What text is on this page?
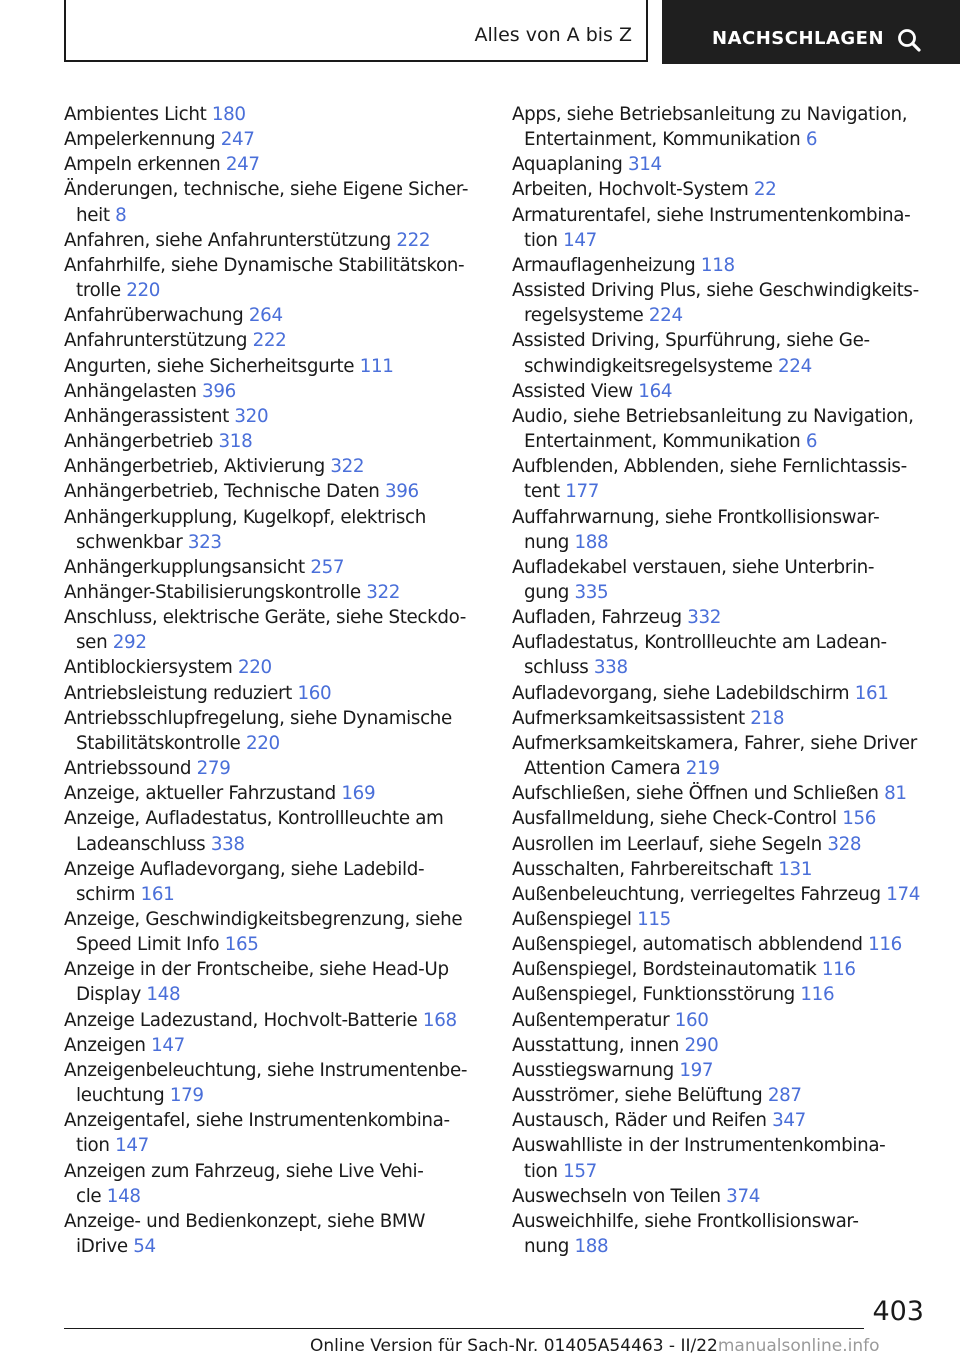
Alles von A bis Z	NACHSCHLAGEN
Ambientes Licht 180
Ampelerkennung 247
Ampeln erkennen 247
Änderungen, technische, siehe Eigene Sicher-
heit 8
Anfahren, siehe Anfahrunterstützung 222
Anfahrhilfe, siehe Dynamische Stabilitätskon-
trolle 220
Anfahrüberwachung 264
Anfahrunterstützung 222
Angurten, siehe Sicherheitsgurte 111
Anhängelasten 396
Anhängerassistent 320
Anhängerbetrieb 318
Anhängerbetrieb, Aktivierung 322
Anhängerbetrieb, Technische Daten 396
Anhängerkupplung, Kugelkopf, elektrisch
schwenkbar 323
Anhängerkupplungsansicht 257
Anhänger-Stabilisierungskontrolle 322
Anschluss, elektrische Geräte, siehe Steckdo-
sen 292
Antiblockiersystem 220
Antriebsleistung reduziert 160
Antriebsschlupfregelung, siehe Dynamische
Stabilitätskontrolle 220
Antriebssound 279
Anzeige, aktueller Fahrzustand 169
Anzeige, Aufladestatus, Kontrollleuchte am
Ladeanschluss 338
Anzeige Aufladevorgang, siehe Ladebild-
schirm 161
Anzeige, Geschwindigkeitsbegrenzung, siehe
Speed Limit Info 165
Anzeige in der Frontscheibe, siehe Head-Up
Display 148
Anzeige Ladezustand, Hochvolt-Batterie 168
Anzeigen 147
Anzeigenbeleuchtung, siehe Instrumentenbe-
leuchtung 179
Anzeigentafel, siehe Instrumentenkombina-
tion 147
Anzeigen zum Fahrzeug, siehe Live Vehi-
cle 148
Anzeige- und Bedienkonzept, siehe BMW
iDrive 54
Apps, siehe Betriebsanleitung zu Navigation,
Entertainment, Kommunikation 6
Aquaplaning 314
Arbeiten, Hochvolt-System 22
Armaturentafel, siehe Instrumentenkombina-
tion 147
Armauflagenheizung 118
Assisted Driving Plus, siehe Geschwindigkeits-
regelsysteme 224
Assisted Driving, Spurführung, siehe Ge-
schwindigkeitsregelsysteme 224
Assisted View 164
Audio, siehe Betriebsanleitung zu Navigation,
Entertainment, Kommunikation 6
Aufblenden, Abblenden, siehe Fernlichtassis-
tent 177
Auffahrwarnung, siehe Frontkollisionswar-
nung 188
Aufladekabel verstauen, siehe Unterbrin-
gung 335
Aufladen, Fahrzeug 332
Aufladestatus, Kontrollleuchte am Ladean-
schluss 338
Aufladevorgang, siehe Ladebildschirm 161
Aufmerksamkeitsassistent 218
Aufmerksamkeitskamera, Fahrer, siehe Driver
Attention Camera 219
Aufschließen, siehe Öffnen und Schließen 81
Ausfallmeldung, siehe Check-Control 156
Ausrollen im Leerlauf, siehe Segeln 328
Ausschalten, Fahrbereitschaft 131
Außenbeleuchtung, verriegeltes Fahrzeug 174
Außenspiegel 115
Außenspiegel, automatisch abblendend 116
Außenspiegel, Bordsteinautomatik 116
Außenspiegel, Funktionsstörung 116
Außentemperatur 160
Ausstattung, innen 290
Ausstiegswarnung 197
Ausströmer, siehe Belüftung 287
Austausch, Räder und Reifen 347
Auswahlliste in der Instrumentenkombina-
tion 157
Auswechseln von Teilen 374
Ausweichhilfe, siehe Frontkollisionswar-
nung 188
403
Online Version für Sach-Nr. 01405A54463 - II/22manualsonline.info
